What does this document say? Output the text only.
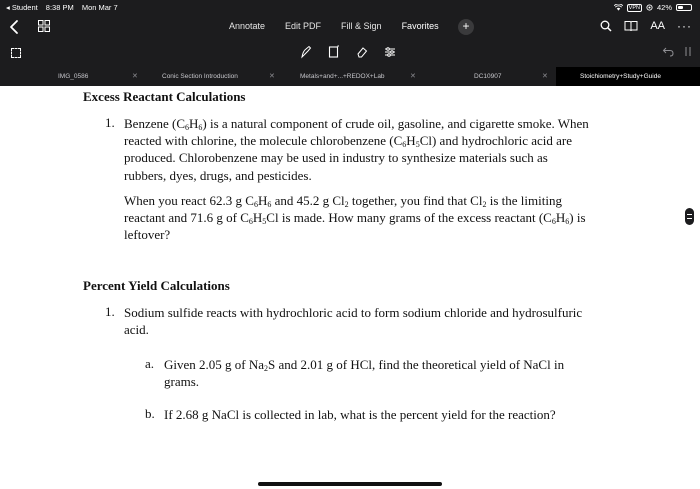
◂ Student 8:38 PM Mon Mar 7	VPN 42%
Annotate	Edit PDF	Fill & Sign	Favorites	+	AA ···
IMG_0586	✕	Conic Section Introduction	✕	Metals+and+...+REDOX+Lab	✕	DC10907	✕	Stoichiometry+Study+Guide
Excess Reactant Calculations
1. Benzene $(C_6H_6)$ is a natural component of crude oil, gasoline, and cigarette smoke. When
reacted with chlorine, the molecule chlorobenzene $(C_6H_5Cl)$ and hydrochloric acid are
produced. Chlorobenzene may be used in industry to synthesize materials such as
rubbers, dyes, drugs, and pesticides.
When you react 62.3 g $C_6H_6$ and 45.2 g $Cl_2$ together, you find that $Cl_2$ is the limiting
reactant and 71.6 g of $C_6H_5Cl$ is made. How many grams of the excess reactant $(C_6H_6)$ is
leftover?
Percent Yield Calculations
1. Sodium sulfide reacts with hydrochloric acid to form sodium chloride and hydrosulfuric
acid.
a. Given 2.05 g of $Na_2S$ and 2.01 g of HCl, find the theoretical yield of NaCl in
grams.
b. If 2.68 g NaCl is collected in lab, what is the percent yield for the reaction?
